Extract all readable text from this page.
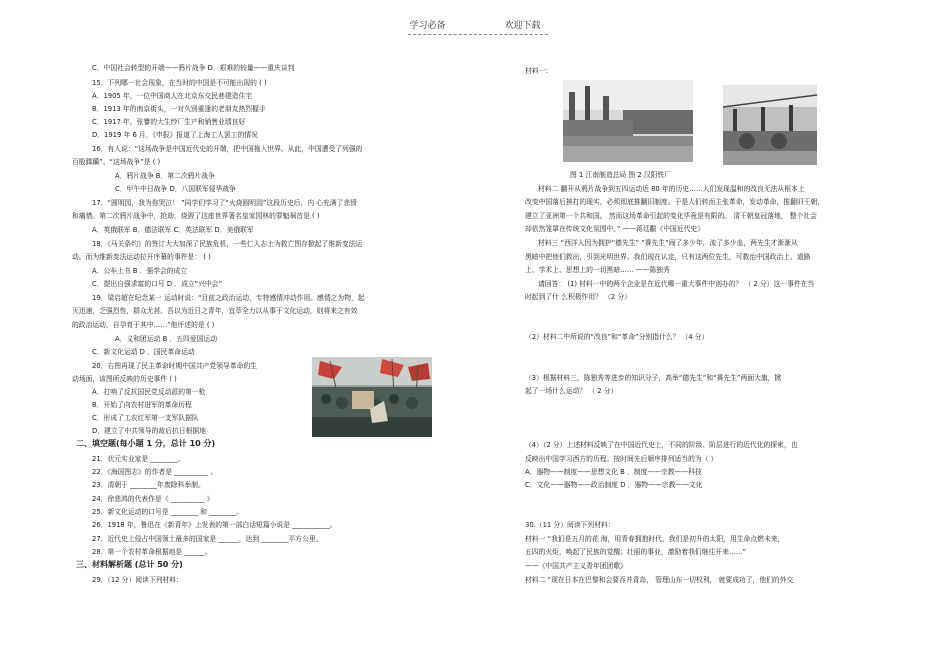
学习必备	欢迎下载
C．中国社会转型的开端——鸦片战争 D．艰难的较量——重庆谈判
15．下列哪一社会现象，在当时的中国是不可能出现的 ( )
A．1905 年，一位中国商人在北京东交民巷建造住宅
B．1913 年的南京街头，一对久别重逢的老朋友热烈握手
C．1917 年，张謇的大生纱厂生产和销售业绩良好
D．1919 年 6 月，《申报》报道了上海工人罢工的情况
16．有人说：“这场战争是中国近代史的开端，把中国拖入世界。从此，中国遭受了列强的
百般蹂躏”。“这场战争”是 ( )
A．鸦片战争 B．第二次鸦片战争
C．甲午中日战争 D．八国联军侵华战争
17．“圆明园，我为你哭泣！ ”同学们学习了“火烧圆明园”这段历史后，内 心充满了悲愤
和痛惜。第二次鸦片战争中，抢劫、烧毁了这座世界著名皇家园林的罪魁祸首是 ( )
A．英俄联军 B．德法联军 C．英法联军 D．美俄联军
18．《马关条约》的签订大大加深了民族危机，一些仁人志士为救亡图存掀起了维新变法运
动。而为维新变法运动拉开序幕的事件是： ( )
A．公车上书 B ．强学会的成立
C．提出自强求富的口号 D ．成立“兴中会”
19．梁启超在纪念某一 运动时说：“目前之政治运动，专特感情冲动作用。感情之为物，起
灭迅速，乏强烈性，群众尤甚。吾以为近日之青年，宜萃全力以从事于文化运动，则将来之有效
的政治运动，自孕育于其中……”他评述的是 ( )
A．义和团运动 B ．五四爱国运动
C．新文化运动 D ．国民革命运动
20．右图再现了民主革命时期中国共产党领导革命的生
动场面，该图所反映的历史事件 ( )
A．打响了反抗国民党反动派的第一枪
B．开始了向农村进军的革命历程
C．形成了工农红军第一支军队据队
D．建立了中共领导的敌后抗日根据地
二、填空题(每小题 1 分，总计 10 分)
21．状元实业家是 ________。
22．《海国图志》的作者是 __________ 。
23．清朝于 ________年废除科举制。
24．徐悲鸿的代表作是《 __________ 》
25．新文化运动的口号是 ________ 和 ________。
26．1918 年，鲁迅在《新青年》上发表的第一部白话短篇小说是 ___________。
27．近代史上侵占中国领土最多的国家是 ______，达到 ________平方公里。
28．第一个农村革命根据地是 ______。
三、材料解析题 (总计 50 分)
29．（12 分）阅读下列材料：
材料一：
图 1 江南制造总局 图 2 汉阳铁厂
材料二 翻开从鸦片战争到五四运动近 80 年的历史……人们发现温和的改良无法从根本上
改变中国落后挨打的现实，必须彻底推翻旧制度。于是人们转而主张革命，发动革命，推翻旧王朝，
建立了亚洲第一个共和国。 然而这场革命引起的变化毕竟是有限的。 清王朝皇冠落地， 整个社会
却依然笼罩在传统文化氛围中。” ——蒋廷黻《中国近代史》
材料三 “西洋人因为拥护“德先生” “赛先生”闹了多少年，流了多少血，两先生才渐渐从
黑暗中把他们救出，引到光明世界。我们现在认定，只有这两位先生，可救治中国政治上、道路
上、学术上、思想上的一切黑暗…… ——陈独秀
请回答： (1) 材料一中的两个企业是在近代哪一重大事件中创办的？ （ 2 分）这一事件在当
时起到了什 么积极作用？ （2 分）
（2）材料二中所说的“改良”和“革命”分别指什么？ （4 分）
（3）根据材料三，陈独秀等进步的知识分子，高举“德先生”和“赛先生”两面大旗，掀
起了一场什么运动？ （ 2 分）
（4）（2 分）上述材料反映了在中国近代史上，不同的阶级、阶层进行的近代化的探索，也
反映出中国学习西方的历程。按时间先后顺序排列适当的为（ ）
A．器物——制度——思想文化 B ．制度——宗教——科技
C．文化——器物——政治制度 D ．器物——宗教——文化
30.（11 分）阅读下列材料：
材料一 “我们是五月的花 海，用青春拥抱时代，我们是初升的太阳，用生命点燃未来，
五四的火炬，唤起了民族的觉醒；壮丽的事业，激励着我们继往开来……”
——《中国共产主义青年团团歌》
材料二 “现在日本在巴黎和会要吞并青岛， 管理山东一切权利， 就要成功了，他们的外交
